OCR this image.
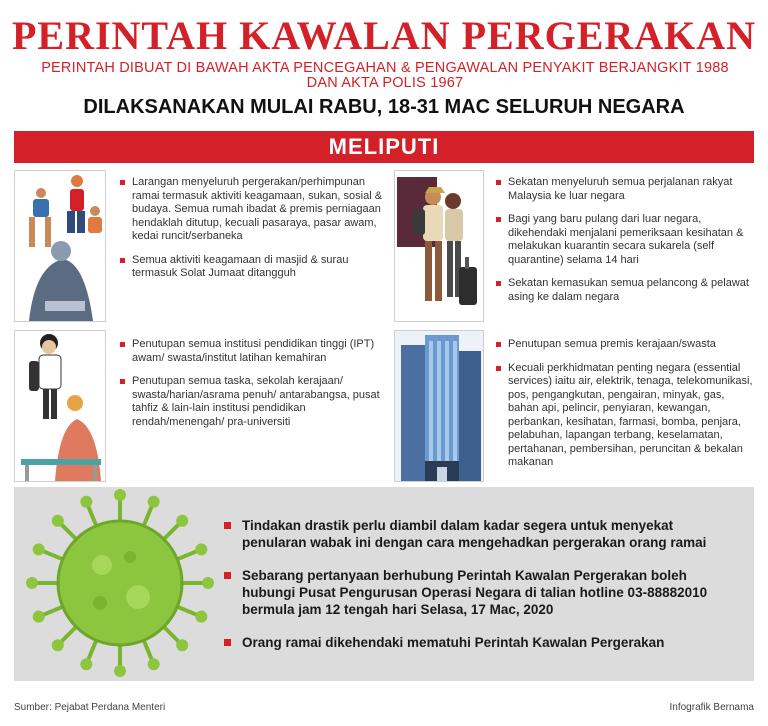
PERINTAH KAWALAN PERGERAKAN
PERINTAH DIBUAT DI BAWAH AKTA PENCEGAHAN & PENGAWALAN PENYAKIT BERJANGKIT 1988 DAN AKTA POLIS 1967
DILAKSANAKAN MULAI RABU, 18-31 MAC SELURUH NEGARA
MELIPUTI
Larangan menyeluruh pergerakan/perhimpunan ramai termasuk aktiviti keagamaan, sukan, sosial & budaya. Semua rumah ibadat & premis perniagaan hendaklah ditutup, kecuali pasaraya, pasar awam, kedai runcit/serbaneka
Semua aktiviti keagamaan di masjid & surau termasuk Solat Jumaat ditangguh
Sekatan menyeluruh semua perjalanan rakyat Malaysia ke luar negara
Bagi yang baru pulang dari luar negara, dikehendaki menjalani pemeriksaan kesihatan & melakukan kuarantin secara sukarela (self quarantine) selama 14 hari
Sekatan kemasukan semua pelancong & pelawat asing ke dalam negara
Penutupan semua institusi pendidikan tinggi (IPT) awam/ swasta/institut latihan kemahiran
Penutupan semua taska, sekolah kerajaan/ swasta/harian/asrama penuh/ antarabangsa, pusat tahfiz & lain-lain institusi pendidikan rendah/menengah/ pra-universiti
Penutupan semua premis kerajaan/swasta
Kecuali perkhidmatan penting negara (essential services) iaitu air, elektrik, tenaga, telekomunikasi, pos, pengangkutan, pengairan, minyak, gas, bahan api, pelincir, penyiaran, kewangan, perbankan, kesihatan, farmasi, bomba, penjara, pelabuhan, lapangan terbang, keselamatan, pertahanan, pembersihan, peruncitan & bekalan makanan
Tindakan drastik perlu diambil dalam kadar segera untuk menyekat penularan wabak ini dengan cara mengehadkan pergerakan orang ramai
Sebarang pertanyaan berhubung Perintah Kawalan Pergerakan boleh hubungi Pusat Pengurusan Operasi Negara di talian hotline 03-88882010 bermula jam 12 tengah hari Selasa, 17 Mac, 2020
Orang ramai dikehendaki mematuhi Perintah Kawalan Pergerakan
Sumber: Pejabat Perdana Menteri	Infografik Bernama
